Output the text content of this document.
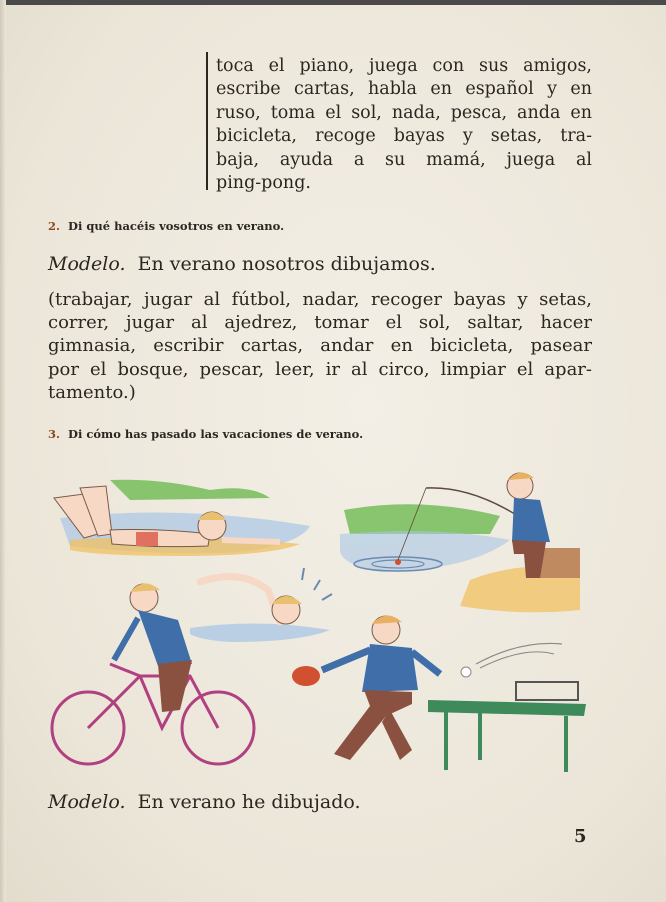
toca el piano, juega con sus amigos,
escribe cartas, habla en español y en
ruso, toma el sol, nada, pesca, anda en
bicicleta, recoge bayas y setas, tra-
baja, ayuda a su mamá, juega al
ping-pong.

2. Di qué hacéis vosotros en verano.

Modelo. En verano nosotros dibujamos.

(trabajar, jugar al fútbol, nadar, recoger bayas y setas,
correr, jugar al ajedrez, tomar el sol, saltar, hacer
gimnasia, escribir cartas, andar en bicicleta, pasear
por el bosque, pescar, leer, ir al circo, limpiar el apar-
tamento.)

3. Di cómo has pasado las vacaciones de verano.

Modelo. En verano he dibujado.

5
